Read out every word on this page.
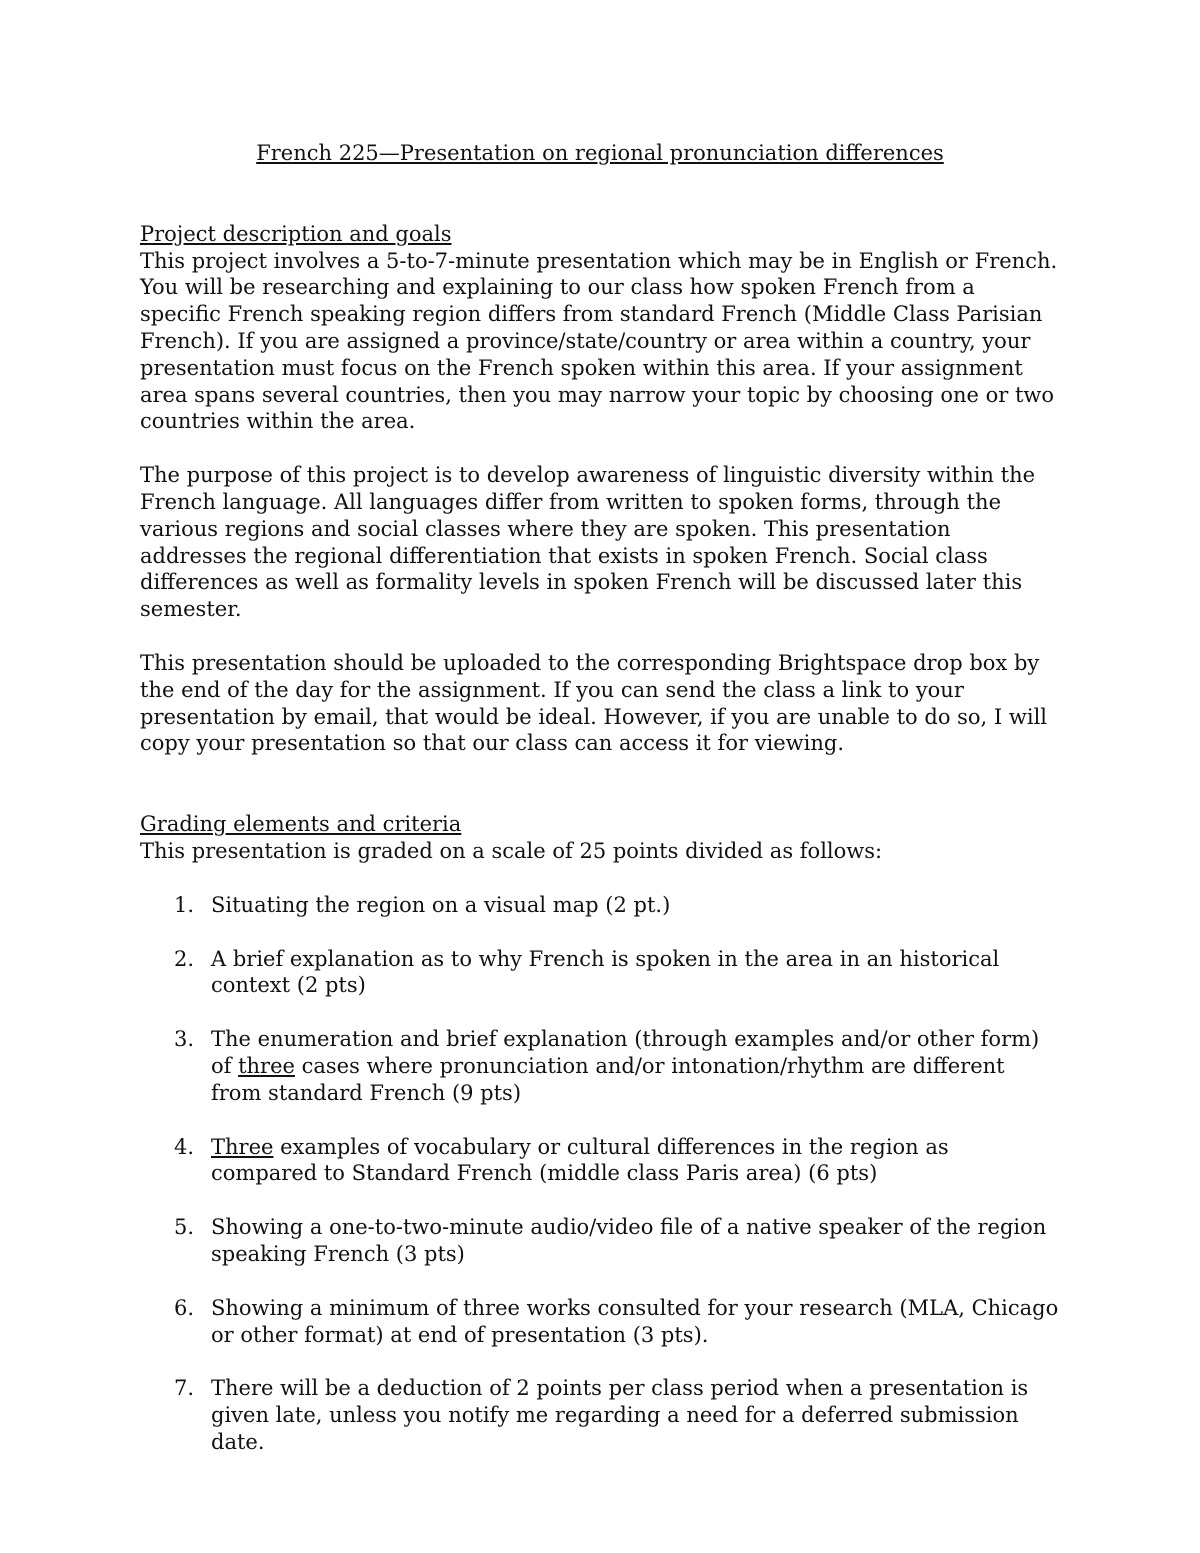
French 225—Presentation on regional pronunciation differences
Project description and goals

This project involves a 5-to-7-minute presentation which may be in English or French. You will be researching and explaining to our class how spoken French from a specific French speaking region differs from standard French (Middle Class Parisian French). If you are assigned a province/state/country or area within a country, your presentation must focus on the French spoken within this area. If your assignment area spans several countries, then you may narrow your topic by choosing one or two countries within the area.

The purpose of this project is to develop awareness of linguistic diversity within the French language. All languages differ from written to spoken forms, through the various regions and social classes where they are spoken. This presentation addresses the regional differentiation that exists in spoken French. Social class differences as well as formality levels in spoken French will be discussed later this semester.

This presentation should be uploaded to the corresponding Brightspace drop box by the end of the day for the assignment. If you can send the class a link to your presentation by email, that would be ideal. However, if you are unable to do so, I will copy your presentation so that our class can access it for viewing.

Grading elements and criteria

This presentation is graded on a scale of 25 points divided as follows:

1. Situating the region on a visual map (2 pt.)
2. A brief explanation as to why French is spoken in the area in an historical context (2 pts)
3. The enumeration and brief explanation (through examples and/or other form) of three cases where pronunciation and/or intonation/rhythm are different from standard French (9 pts)
4. Three examples of vocabulary or cultural differences in the region as compared to Standard French (middle class Paris area) (6 pts)
5. Showing a one-to-two-minute audio/video file of a native speaker of the region speaking French (3 pts)
6. Showing a minimum of three works consulted for your research (MLA, Chicago or other format) at end of presentation (3 pts).
7. There will be a deduction of 2 points per class period when a presentation is given late, unless you notify me regarding a need for a deferred submission date.
